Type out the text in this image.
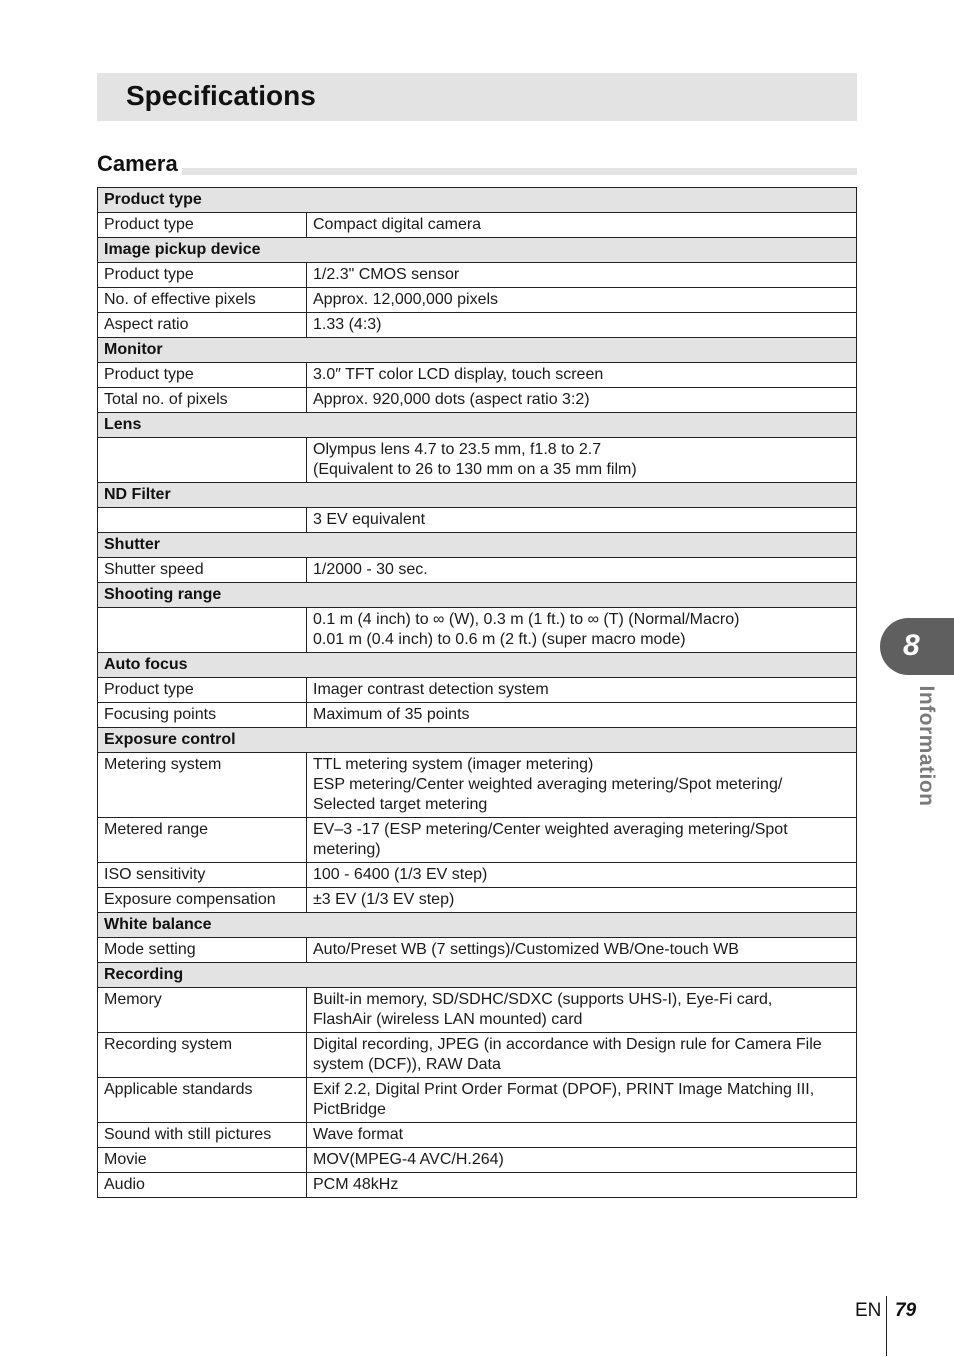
Specifications
Camera
Product type	
Product type	Compact digital camera
Image pickup device	
Product type	1/2.3" CMOS sensor
No. of effective pixels	Approx. 12,000,000 pixels
Aspect ratio	1.33 (4:3)
Monitor	
Product type	3.0″ TFT color LCD display, touch screen
Total no. of pixels	Approx. 920,000 dots (aspect ratio 3:2)
Lens	
	Olympus lens 4.7 to 23.5 mm, f1.8 to 2.7
(Equivalent to 26 to 130 mm on a 35 mm film)
ND Filter	
	3 EV equivalent
Shutter	
Shutter speed	1/2000 - 30 sec.
Shooting range	
	0.1 m (4 inch) to ∞ (W), 0.3 m (1 ft.) to ∞ (T) (Normal/Macro)
0.01 m (0.4 inch) to 0.6 m (2 ft.) (super macro mode)
Auto focus	
Product type	Imager contrast detection system
Focusing points	Maximum of 35 points
Exposure control	
Metering system	TTL metering system (imager metering)
ESP metering/Center weighted averaging metering/Spot metering/
Selected target metering
Metered range	EV–3 -17 (ESP metering/Center weighted averaging metering/Spot
metering)
ISO sensitivity	100 - 6400 (1/3 EV step)
Exposure compensation	±3 EV (1/3 EV step)
White balance	
Mode setting	Auto/Preset WB (7 settings)/Customized WB/One-touch WB
Recording	
Memory	Built-in memory, SD/SDHC/SDXC (supports UHS-I), Eye-Fi card,
FlashAir (wireless LAN mounted) card
Recording system	Digital recording, JPEG (in accordance with Design rule for Camera File
system (DCF)), RAW Data
Applicable standards	Exif 2.2, Digital Print Order Format (DPOF), PRINT Image Matching III,
PictBridge
Sound with still pictures	Wave format
Movie	MOV(MPEG-4 AVC/H.264)
Audio	PCM 48kHz
8
Information
EN 79
